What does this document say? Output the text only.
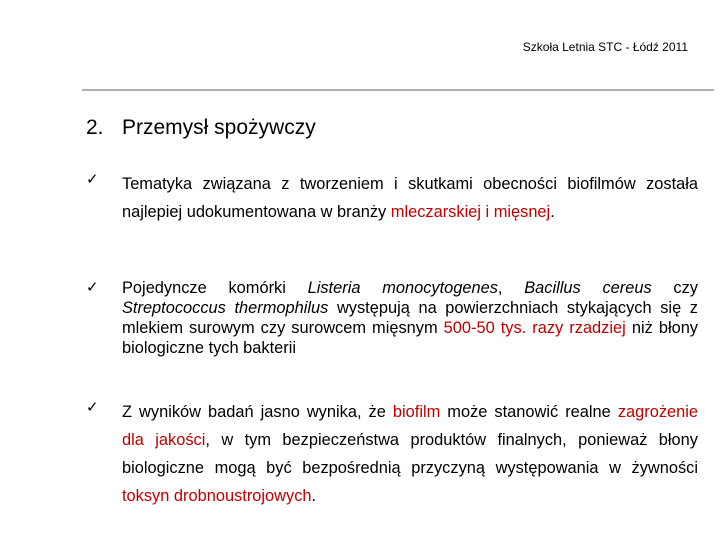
Szkoła Letnia STC - Łódź 2011
2. Przemysł spożywczy
✓ Tematyka związana z tworzeniem i skutkami obecności biofilmów została najlepiej udokumentowana w branży mleczarskiej i mięsnej.
✓ Pojedyncze komórki Listeria monocytogenes, Bacillus cereus czy Streptococcus thermophilus występują na powierzchniach stykających się z mlekiem surowym czy surowcem mięsnym 500-50 tys. razy rzadziej niż błony biologiczne tych bakterii
✓ Z wyników badań jasno wynika, że biofilm może stanowić realne zagrożenie dla jakości, w tym bezpieczeństwa produktów finalnych, ponieważ błony biologiczne mogą być bezpośrednią przyczyną występowania w żywności toksyn drobnoustrojowych.
